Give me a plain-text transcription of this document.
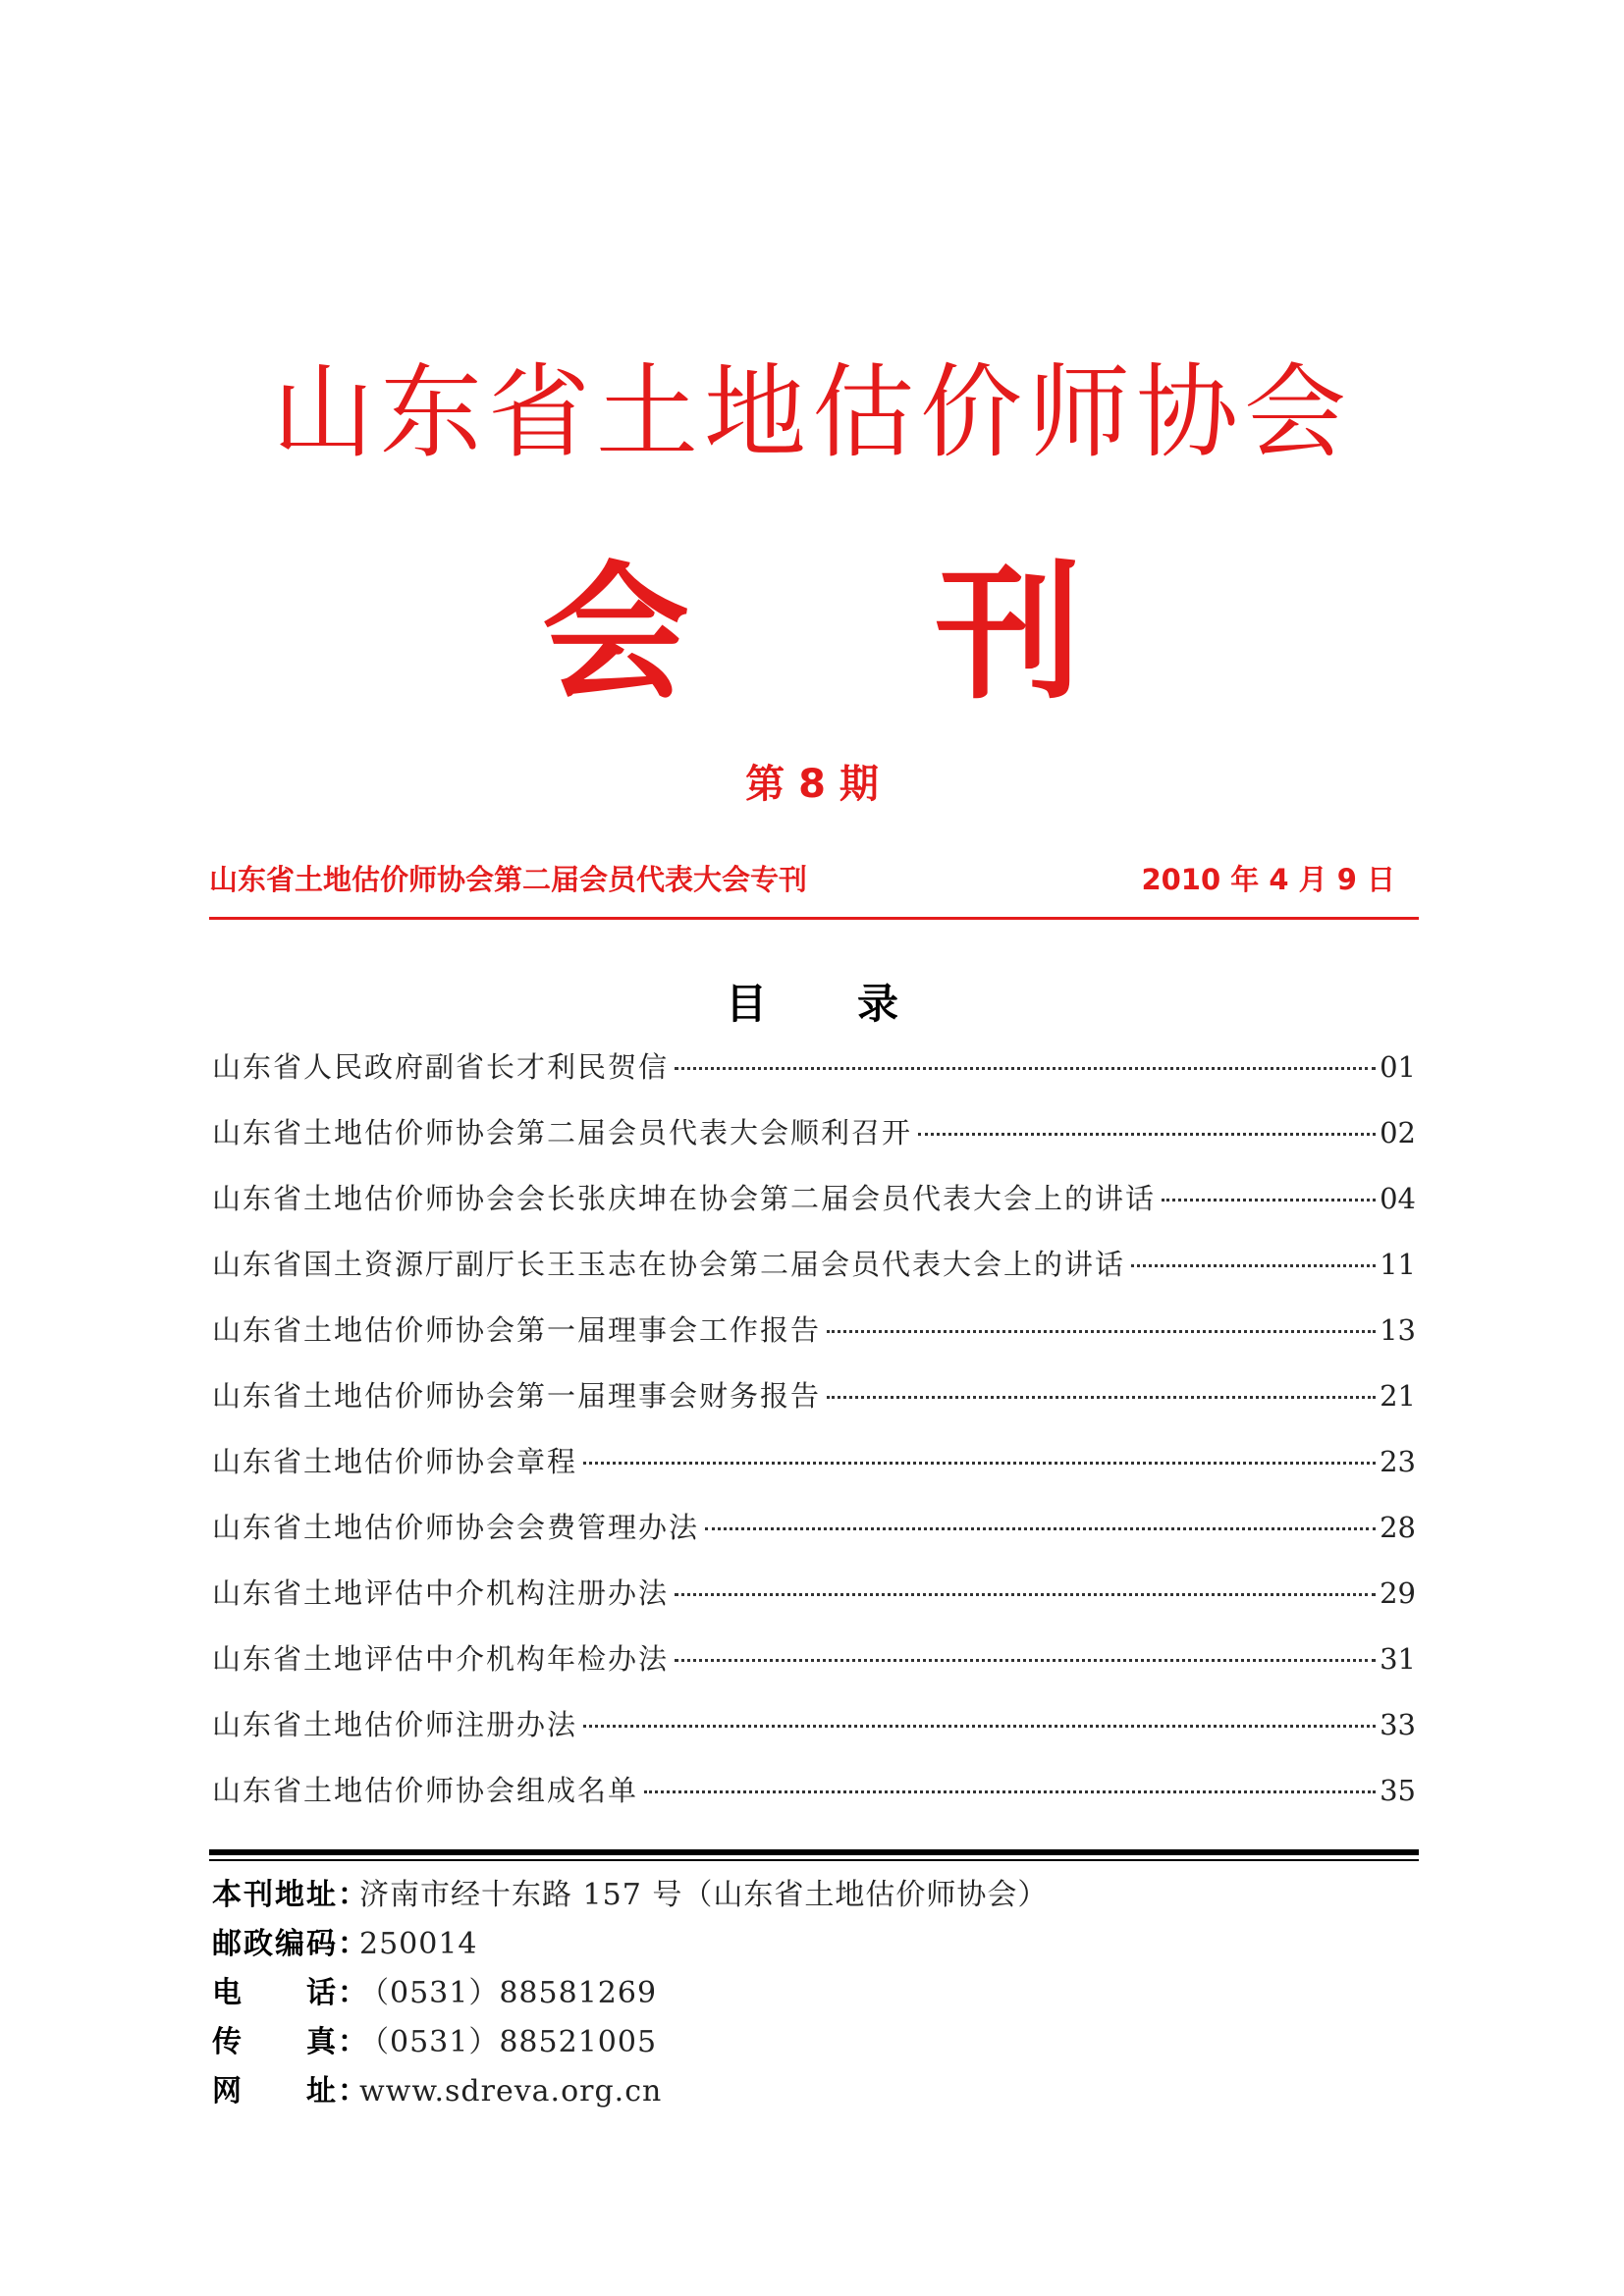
山东省土地估价师协会
会 刊
第 8 期
山东省土地估价师协会第二届会员代表大会专刊	2010 年 4 月 9 日
目 录
山东省人民政府副省长才利民贺信	01
山东省土地估价师协会第二届会员代表大会顺利召开	02
山东省土地估价师协会会长张庆坤在协会第二届会员代表大会上的讲话	04
山东省国土资源厅副厅长王玉志在协会第二届会员代表大会上的讲话	11
山东省土地估价师协会第一届理事会工作报告	13
山东省土地估价师协会第一届理事会财务报告	21
山东省土地估价师协会章程	23
山东省土地估价师协会会费管理办法	28
山东省土地评估中介机构注册办法	29
山东省土地评估中介机构年检办法	31
山东省土地估价师注册办法	33
山东省土地估价师协会组成名单	35
本刊地址：济南市经十东路 157 号（山东省土地估价师协会）
邮政编码：250014
电　　话：（0531）88581269
传　　真：（0531）88521005
网　　址：www.sdreva.org.cn
